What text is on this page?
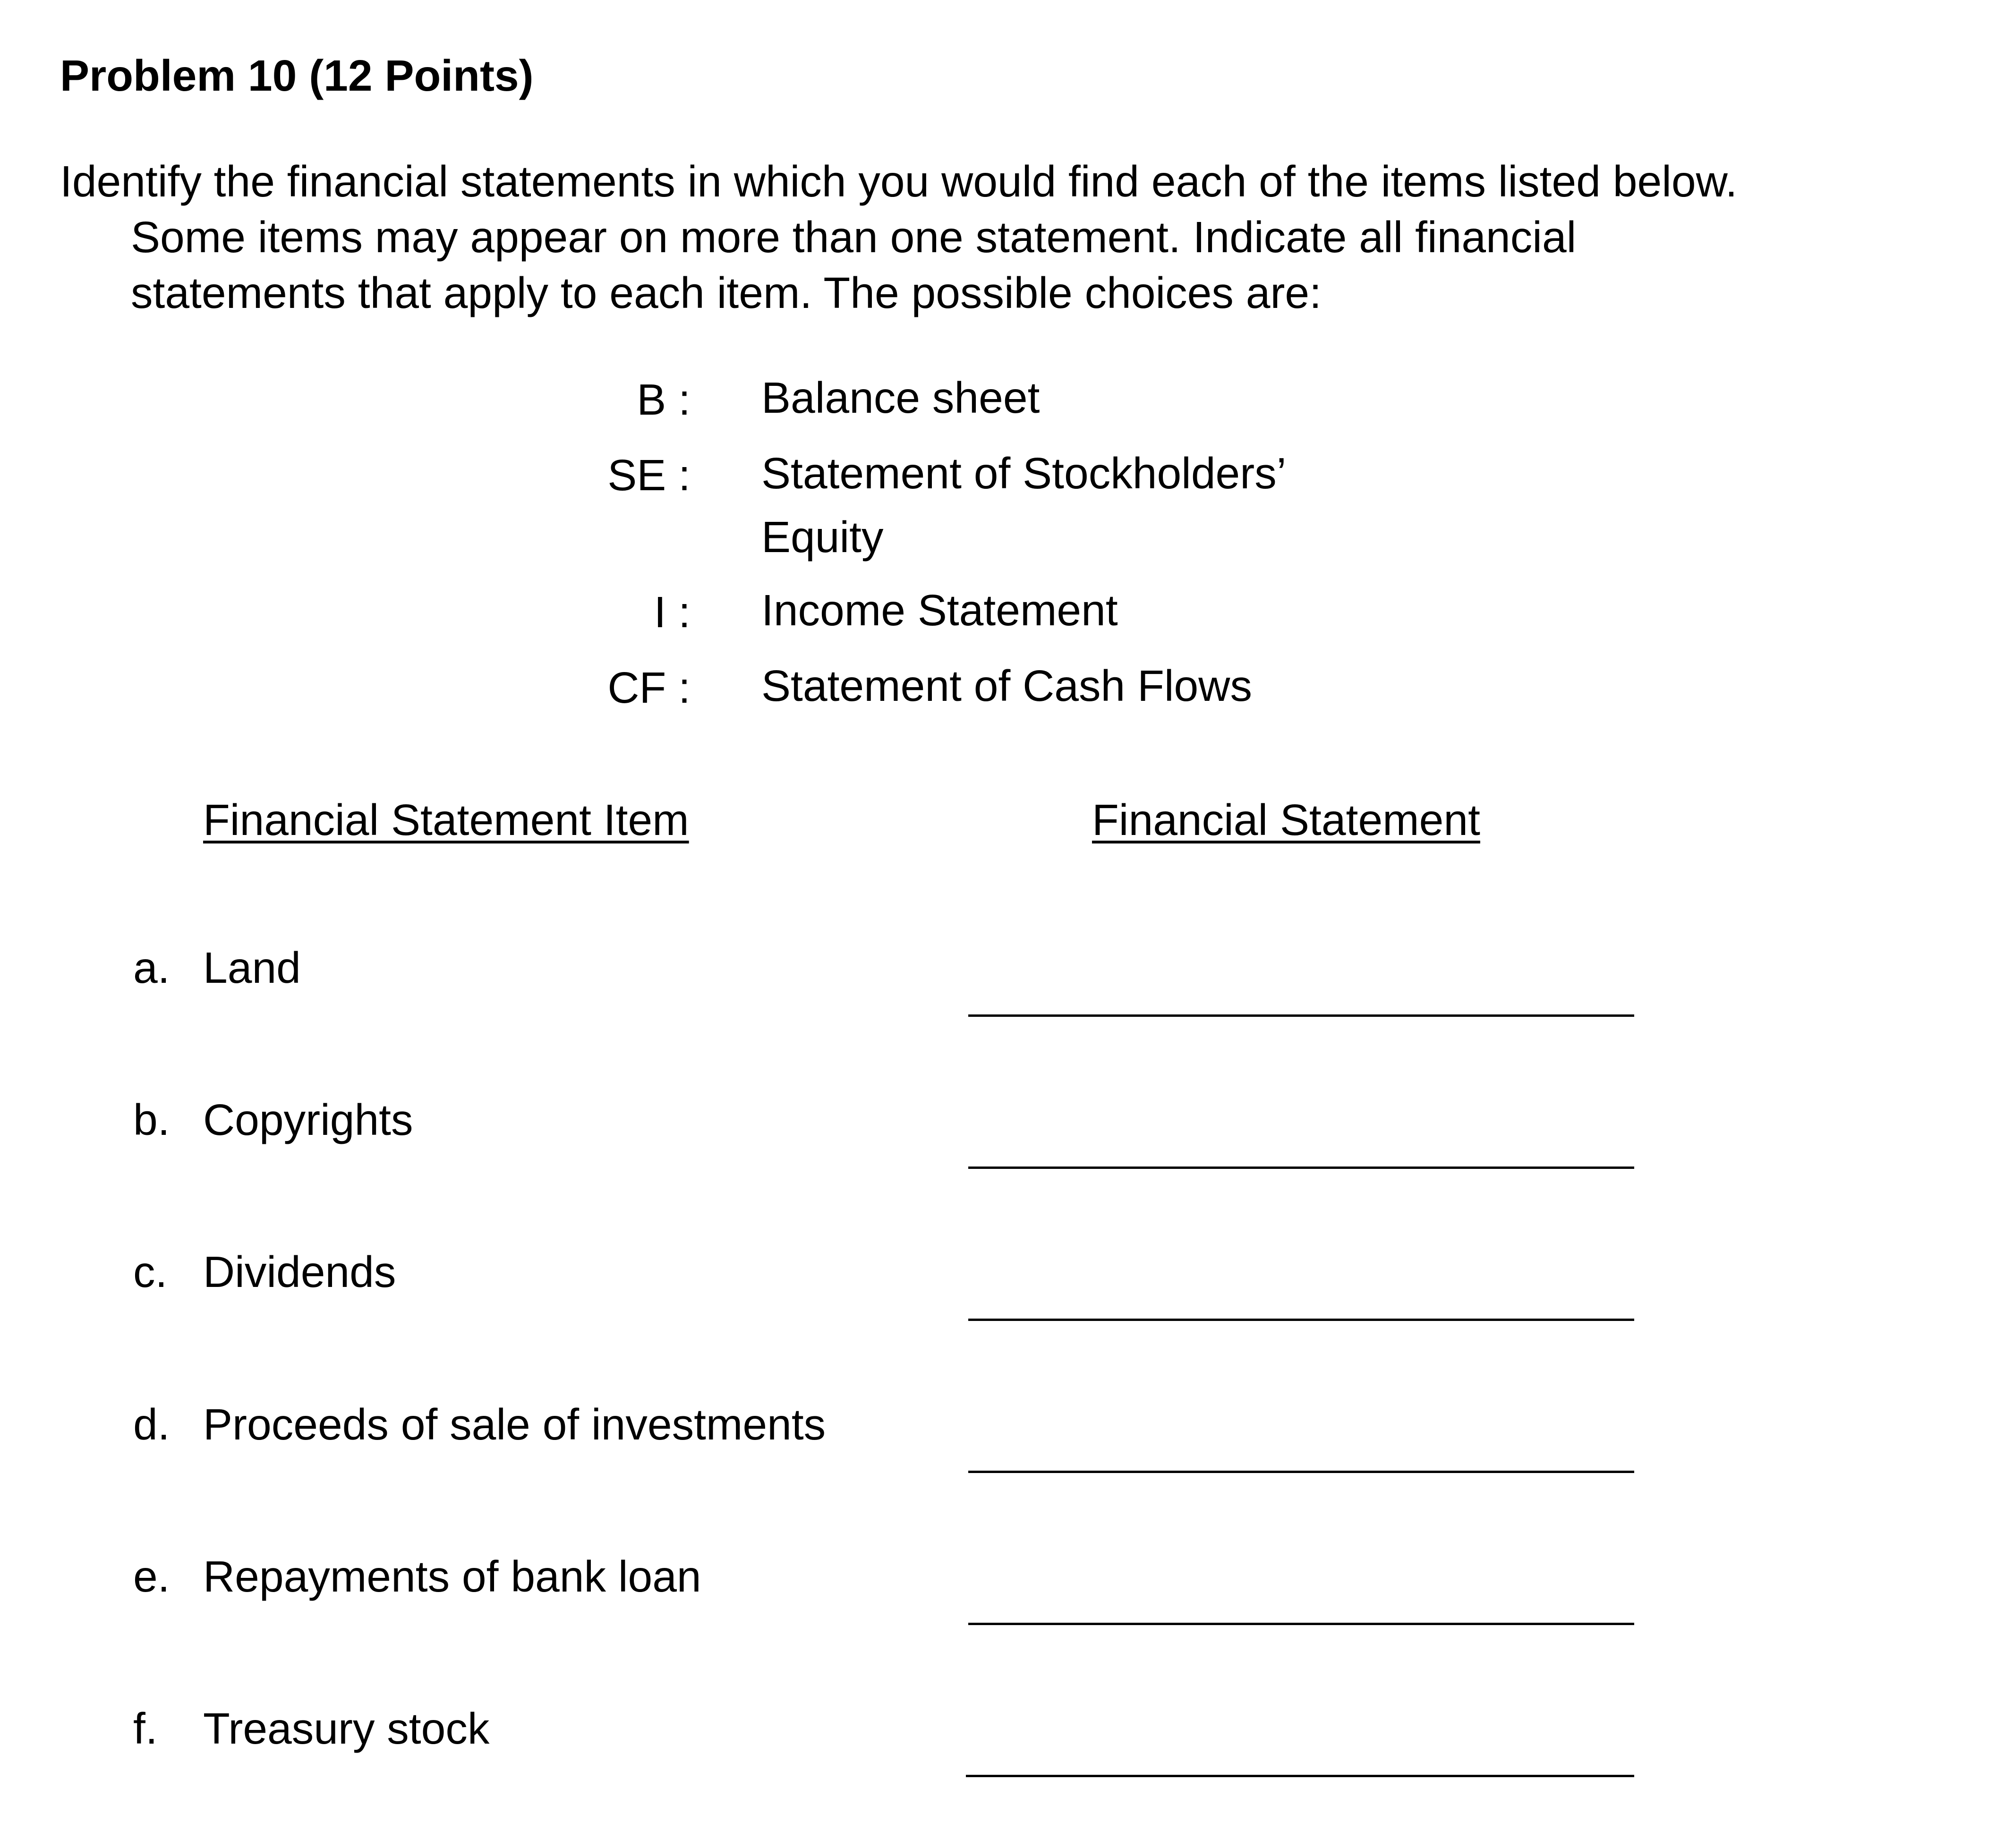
Problem 10 (12 Points)
Identify the financial statements in which you would find each of the items listed below.
Some items may appear on more than one statement. Indicate all financial
statements that apply to each item. The possible choices are:
B : Balance sheet
SE : Statement of Stockholders’ Equity
I : Income Statement
CF : Statement of Cash Flows
Financial Statement Item	Financial Statement
a. Land
b. Copyrights
c. Dividends
d. Proceeds of sale of investments
e. Repayments of bank loan
f. Treasury stock
